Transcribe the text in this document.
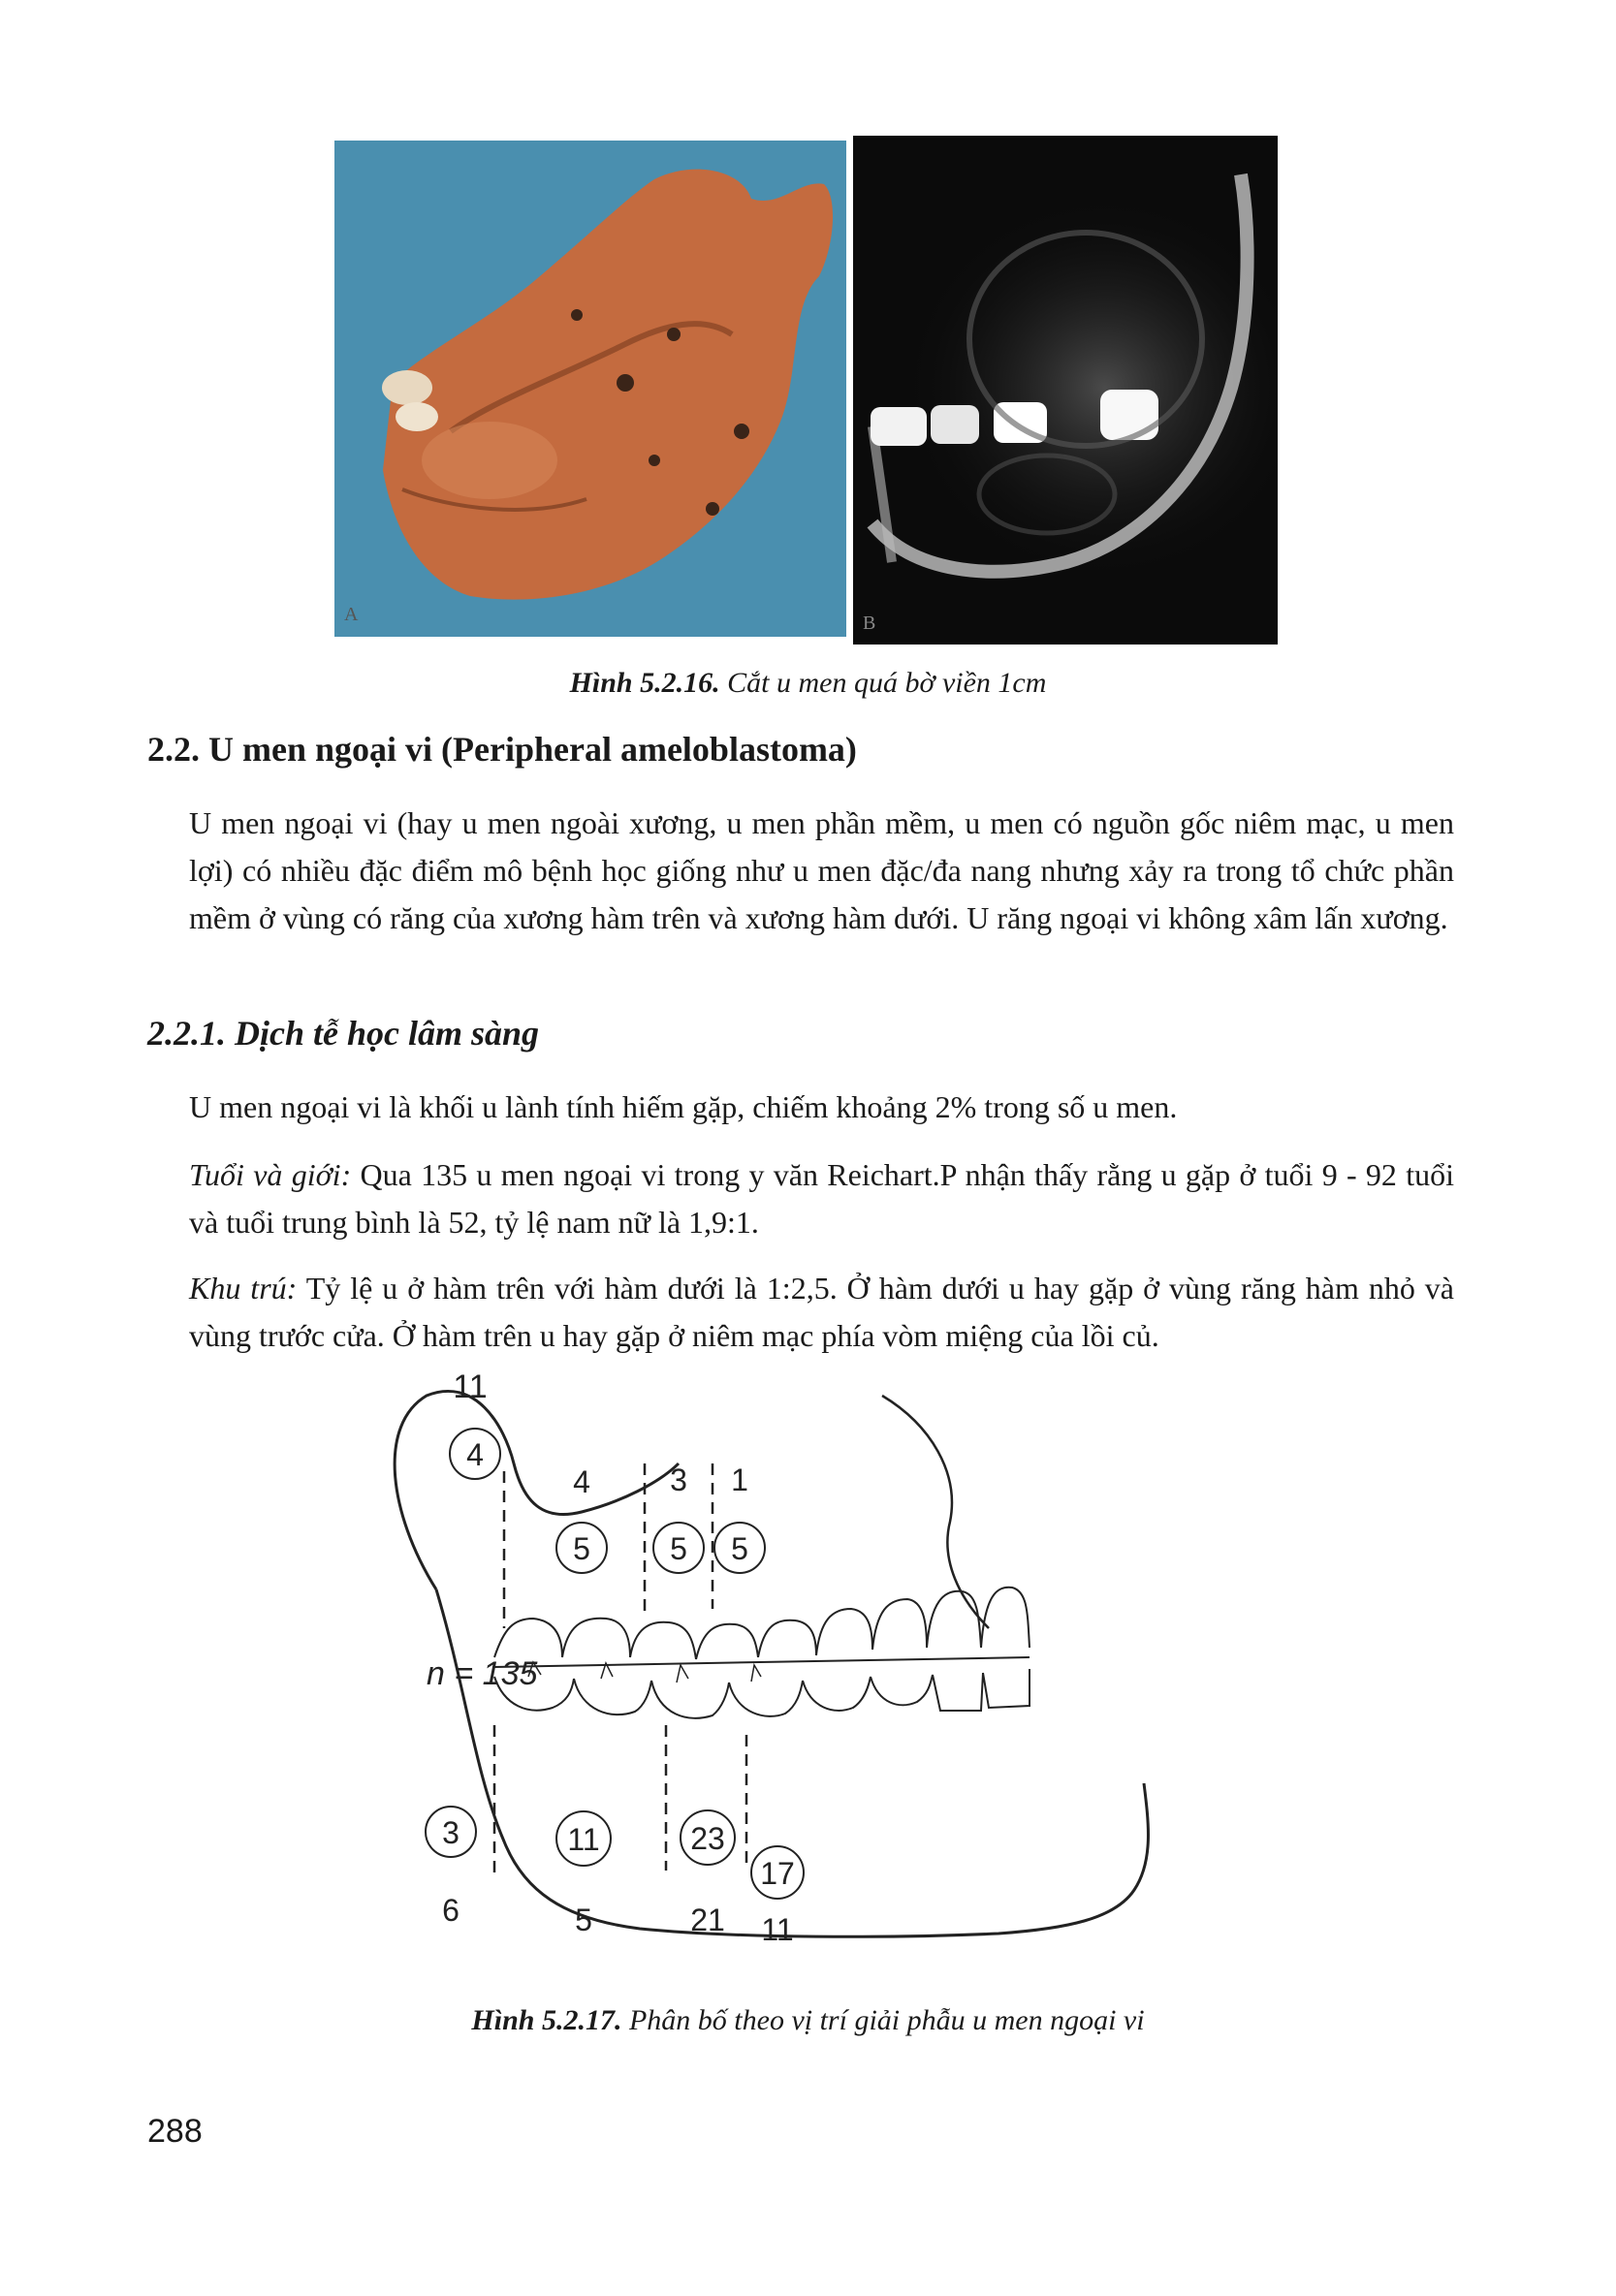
A	B
Hình 5.2.16. Cắt u men quá bờ viền 1cm
2.2. U men ngoại vi (Peripheral ameloblastoma)

U men ngoại vi (hay u men ngoài xương, u men phần mềm, u men có nguồn gốc niêm mạc, u men lợi) có nhiều đặc điểm mô bệnh học giống như u men đặc/đa nang nhưng xảy ra trong tổ chức phần mềm ở vùng có răng của xương hàm trên và xương hàm dưới. U răng ngoại vi không xâm lấn xương.

2.2.1. Dịch tễ học lâm sàng

U men ngoại vi là khối u lành tính hiếm gặp, chiếm khoảng 2% trong số u men.

Tuổi và giới: Qua 135 u men ngoại vi trong y văn Reichart.P nhận thấy rằng u gặp ở tuổi 9 - 92 tuổi và tuổi trung bình là 52, tỷ lệ nam nữ là 1,9:1.

Khu trú: Tỷ lệ u ở hàm trên với hàm dưới là 1:2,5. Ở hàm dưới u hay gặp ở vùng răng hàm nhỏ và vùng trước cửa. Ở hàm trên u hay gặp ở niêm mạc phía vòm miệng của lồi củ.

11
4
4
5
3
5
1
5
n = 135
3
6
11
5
23
21
17
11
Hình 5.2.17. Phân bố theo vị trí giải phẫu u men ngoại vi
288
